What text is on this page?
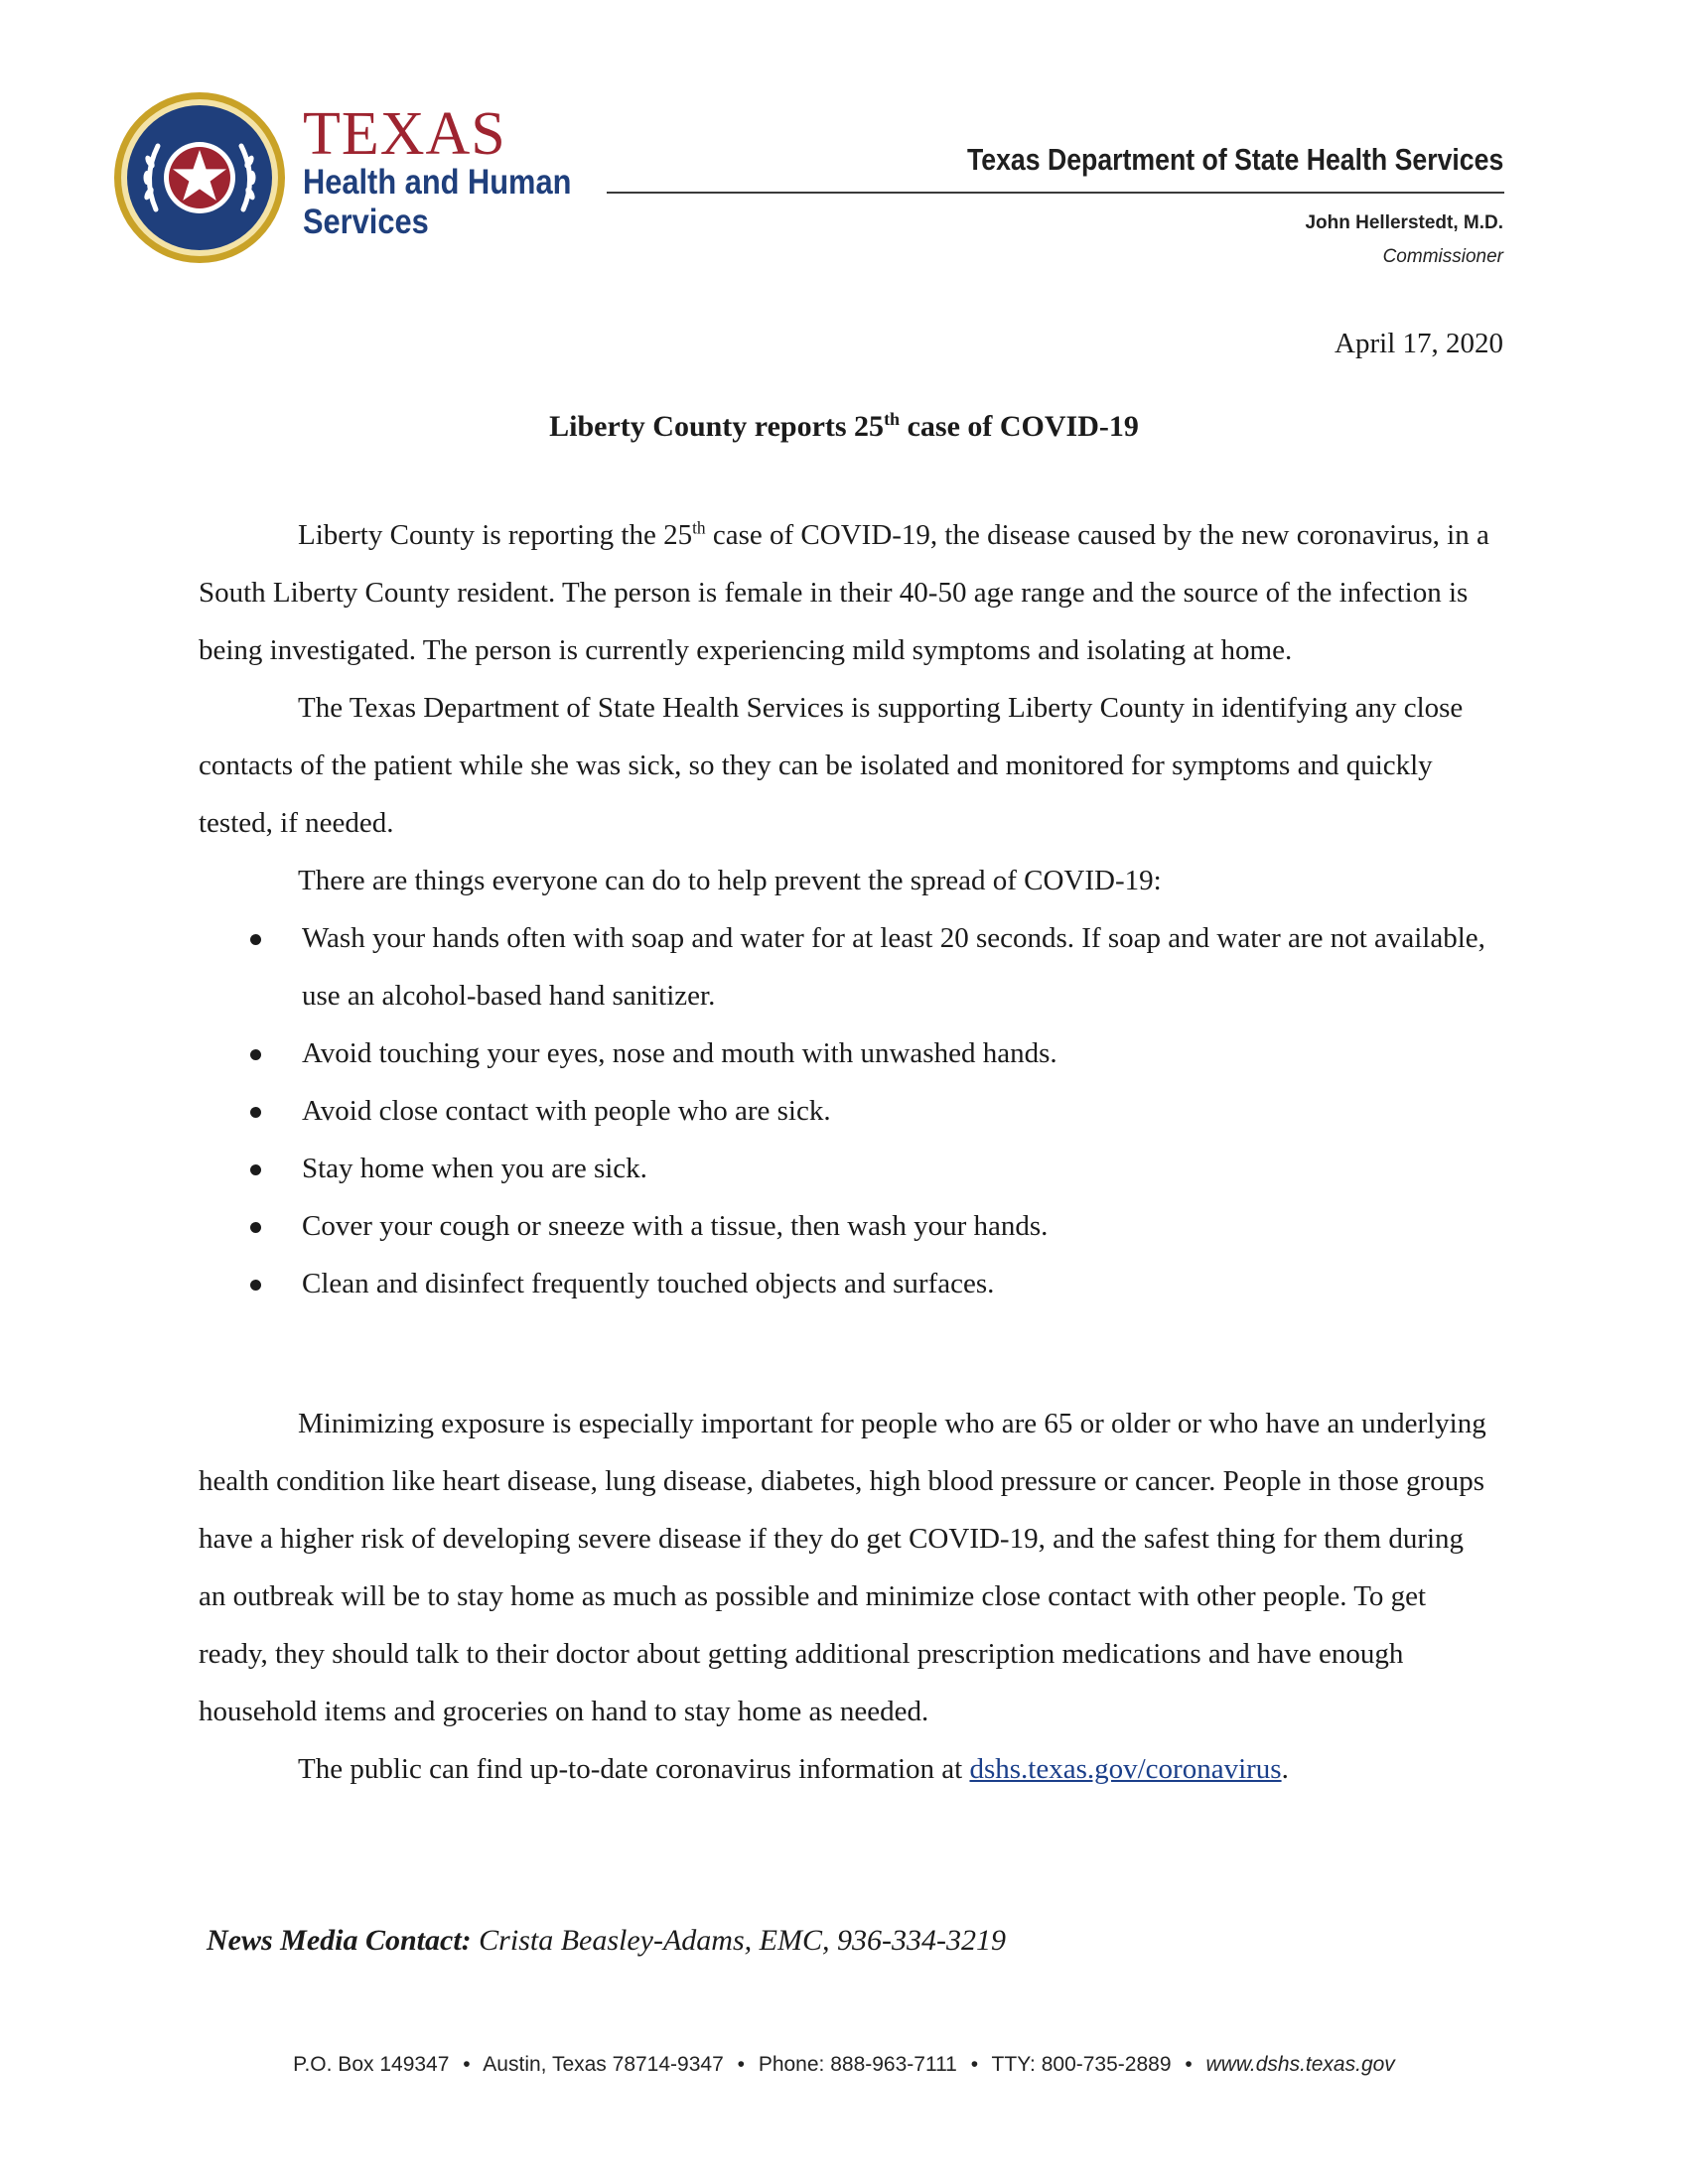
TEXAS
Health and Human
Services
Texas Department of State Health Services
John Hellerstedt, M.D.
Commissioner
April 17, 2020
Liberty County reports 25th case of COVID-19

Liberty County is reporting the 25th case of COVID-19, the disease caused by the new coronavirus, in a South Liberty County resident. The person is female in their 40-50 age range and the source of the infection is being investigated. The person is currently experiencing mild symptoms and isolating at home.

The Texas Department of State Health Services is supporting Liberty County in identifying any close contacts of the patient while she was sick, so they can be isolated and monitored for symptoms and quickly tested, if needed.

There are things everyone can do to help prevent the spread of COVID-19:

Wash your hands often with soap and water for at least 20 seconds. If soap and water are not available, use an alcohol-based hand sanitizer.
Avoid touching your eyes, nose and mouth with unwashed hands.
Avoid close contact with people who are sick.
Stay home when you are sick.
Cover your cough or sneeze with a tissue, then wash your hands.
Clean and disinfect frequently touched objects and surfaces.

Minimizing exposure is especially important for people who are 65 or older or who have an underlying health condition like heart disease, lung disease, diabetes, high blood pressure or cancer. People in those groups have a higher risk of developing severe disease if they do get COVID-19, and the safest thing for them during an outbreak will be to stay home as much as possible and minimize close contact with other people. To get ready, they should talk to their doctor about getting additional prescription medications and have enough household items and groceries on hand to stay home as needed.

The public can find up-to-date coronavirus information at dshs.texas.gov/coronavirus.

News Media Contact: Crista Beasley-Adams, EMC, 936-334-3219
P.O. Box 149347 • Austin, Texas 78714-9347 • Phone: 888-963-7111 • TTY: 800-735-2889 • www.dshs.texas.gov
